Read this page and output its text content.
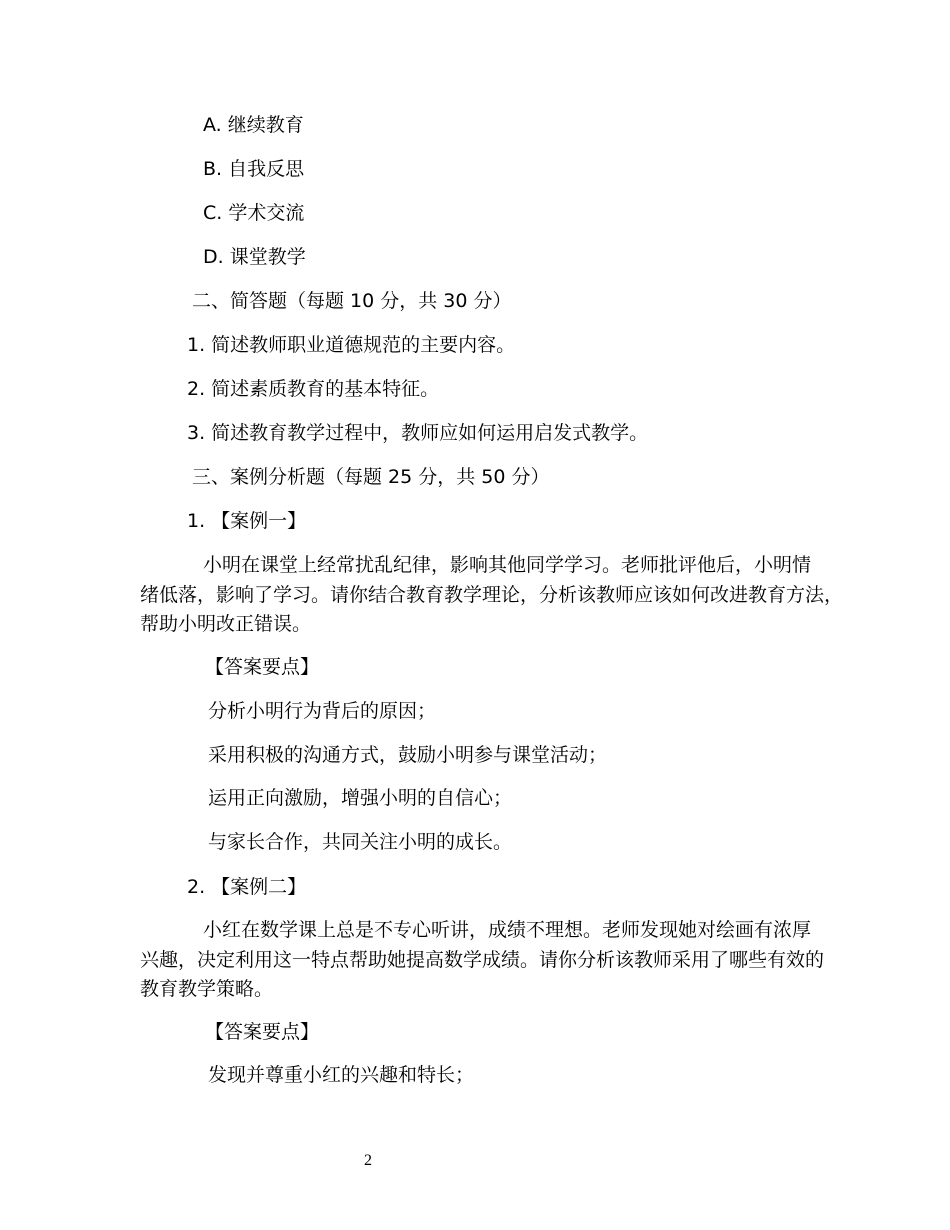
A. 继续教育
B. 自我反思
C. 学术交流
D. 课堂教学
二、简答题（每题 10 分，共 30 分）
1. 简述教师职业道德规范的主要内容。
2. 简述素质教育的基本特征。
3. 简述教育教学过程中，教师应如何运用启发式教学。
三、案例分析题（每题 25 分，共 50 分）
1. 【案例一】
小明在课堂上经常扰乱纪律，影响其他同学学习。老师批评他后，小明情
绪低落，影响了学习。请你结合教育教学理论，分析该教师应该如何改进教育方法，
帮助小明改正错误。
【答案要点】
分析小明行为背后的原因；
采用积极的沟通方式，鼓励小明参与课堂活动；
运用正向激励，增强小明的自信心；
与家长合作，共同关注小明的成长。
2. 【案例二】
小红在数学课上总是不专心听讲，成绩不理想。老师发现她对绘画有浓厚
兴趣，决定利用这一特点帮助她提高数学成绩。请你分析该教师采用了哪些有效的
教育教学策略。
【答案要点】
发现并尊重小红的兴趣和特长；
2
